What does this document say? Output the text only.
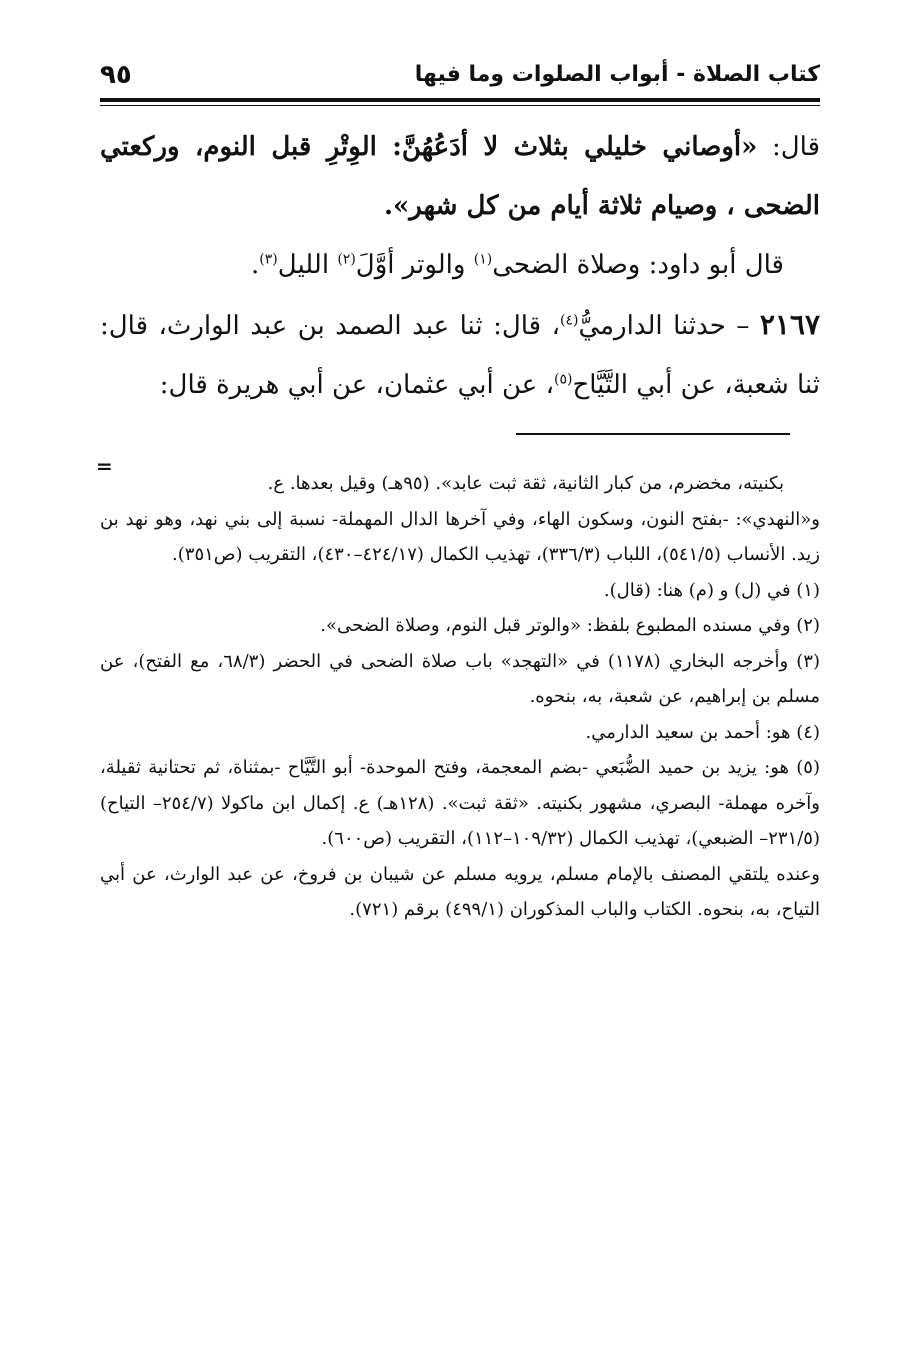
كتاب الصلاة - أبواب الصلوات وما فيها
٩٥

قال: «أوصاني خليلي بثلاث لا أدَعُهُنَّ: الوِتْرِ قبل النوم، وركعتي الضحى ، وصيام ثلاثة أيام من كل شهر».

قال أبو داود: وصلاة الضحى$^{(١)}$ والوتر أوَّلَ$^{(٢)}$ الليل$^{(٣)}$.

٢١٦٧ – حدثنا الدارميُّ$^{(٤)}$، قال: ثنا عبد الصمد بن عبد الوارث، قال: ثنا شعبة، عن أبي التَّيَّاح$^{(٥)}$، عن أبي عثمان، عن أبي هريرة قال:

=

بكنيته، مخضرم، من كبار الثانية، ثقة ثبت عابد». (٩٥هـ) وقيل بعدها. ع.

و«النهدي»: -بفتح النون، وسكون الهاء، وفي آخرها الدال المهملة- نسبة إلى بني نهد، وهو نهد بن زيد. الأنساب (٥٤١/٥)، اللباب (٣٣٦/٣)، تهذيب الكمال (٤٢٤/١٧–٤٣٠)، التقريب (ص٣٥١).

(١) في (ل) و (م) هنا: (قال).

(٢) وفي مسنده المطبوع بلفظ: «والوتر قبل النوم، وصلاة الضحى».

(٣) وأخرجه البخاري (١١٧٨) في «التهجد» باب صلاة الضحى في الحضر (٦٨/٣، مع الفتح)، عن مسلم بن إبراهيم، عن شعبة، به، بنحوه.

(٤) هو: أحمد بن سعيد الدارمي.

(٥) هو: يزيد بن حميد الضُّبَعي -بضم المعجمة، وفتح الموحدة- أبو التَّيَّاح -بمثناة، ثم تحتانية ثقيلة، وآخره مهملة- البصري، مشهور بكنيته. «ثقة ثبت». (١٢٨هـ) ع. إكمال ابن ماكولا (٢٥٤/٧– التياح) (٢٣١/٥– الضبعي)، تهذيب الكمال (١٠٩/٣٢–١١٢)، التقريب (ص٦٠٠).

وعنده يلتقي المصنف بالإمام مسلم، يرويه مسلم عن شيبان بن فروخ، عن عبد الوارث، عن أبي التياح، به، بنحوه. الكتاب والباب المذكوران (٤٩٩/١) برقم (٧٢١).
